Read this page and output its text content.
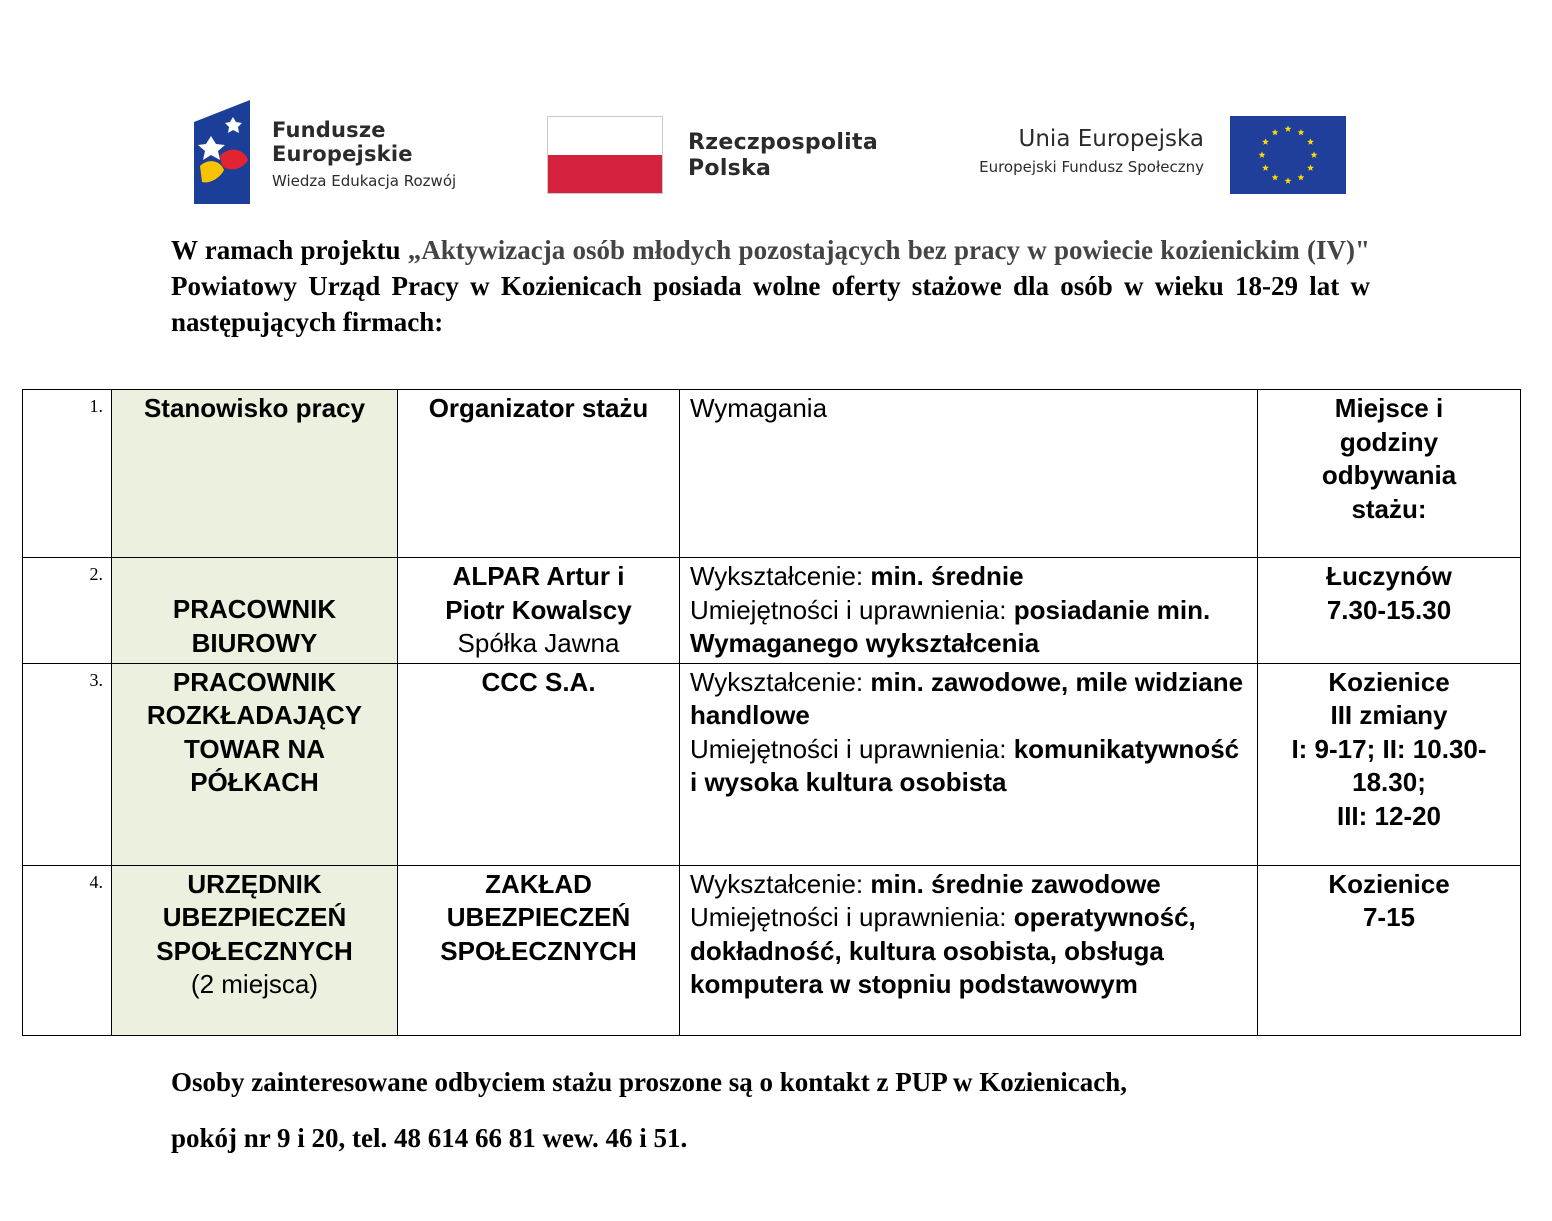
Fundusze
Europejskie
Wiedza Edukacja Rozwój
Rzeczpospolita
Polska
Unia Europejska
Europejski Fundusz Społeczny

W ramach projektu „Aktywizacja osób młodych pozostających bez pracy w powiecie kozienickim (IV)" Powiatowy Urząd Pracy w Kozienicach posiada wolne oferty stażowe dla osób w wieku 18-29 lat w następujących firmach:

1.	Stanowisko pracy	Organizator stażu	Wymagania	Miejsce i
godziny
odbywania
stażu:

2.	PRACOWNIK
BIUROWY	ALPAR Artur i
Piotr Kowalscy
Spółka Jawna	Wykształcenie: min. średnie
Umiejętności i uprawnienia: posiadanie min. Wymaganego wykształcenia	Łuczynów
7.30-15.30

3.	PRACOWNIK
ROZKŁADAJĄCY
TOWAR NA
PÓŁKACH	CCC S.A.	Wykształcenie: min. zawodowe, mile widziane handlowe
Umiejętności i uprawnienia: komunikatywność i wysoka kultura osobista	Kozienice
III zmiany
I: 9-17; II: 10.30-
18.30;
III: 12-20

4.	URZĘDNIK
UBEZPIECZEŃ
SPOŁECZNYCH
(2 miejsca)	ZAKŁAD
UBEZPIECZEŃ
SPOŁECZNYCH	Wykształcenie: min. średnie zawodowe
Umiejętności i uprawnienia: operatywność, dokładność, kultura osobista, obsługa komputera w stopniu podstawowym	Kozienice
7-15

Osoby zainteresowane odbyciem stażu proszone są o kontakt z PUP w Kozienicach,
pokój nr 9 i 20, tel. 48 614 66 81 wew. 46 i 51.
